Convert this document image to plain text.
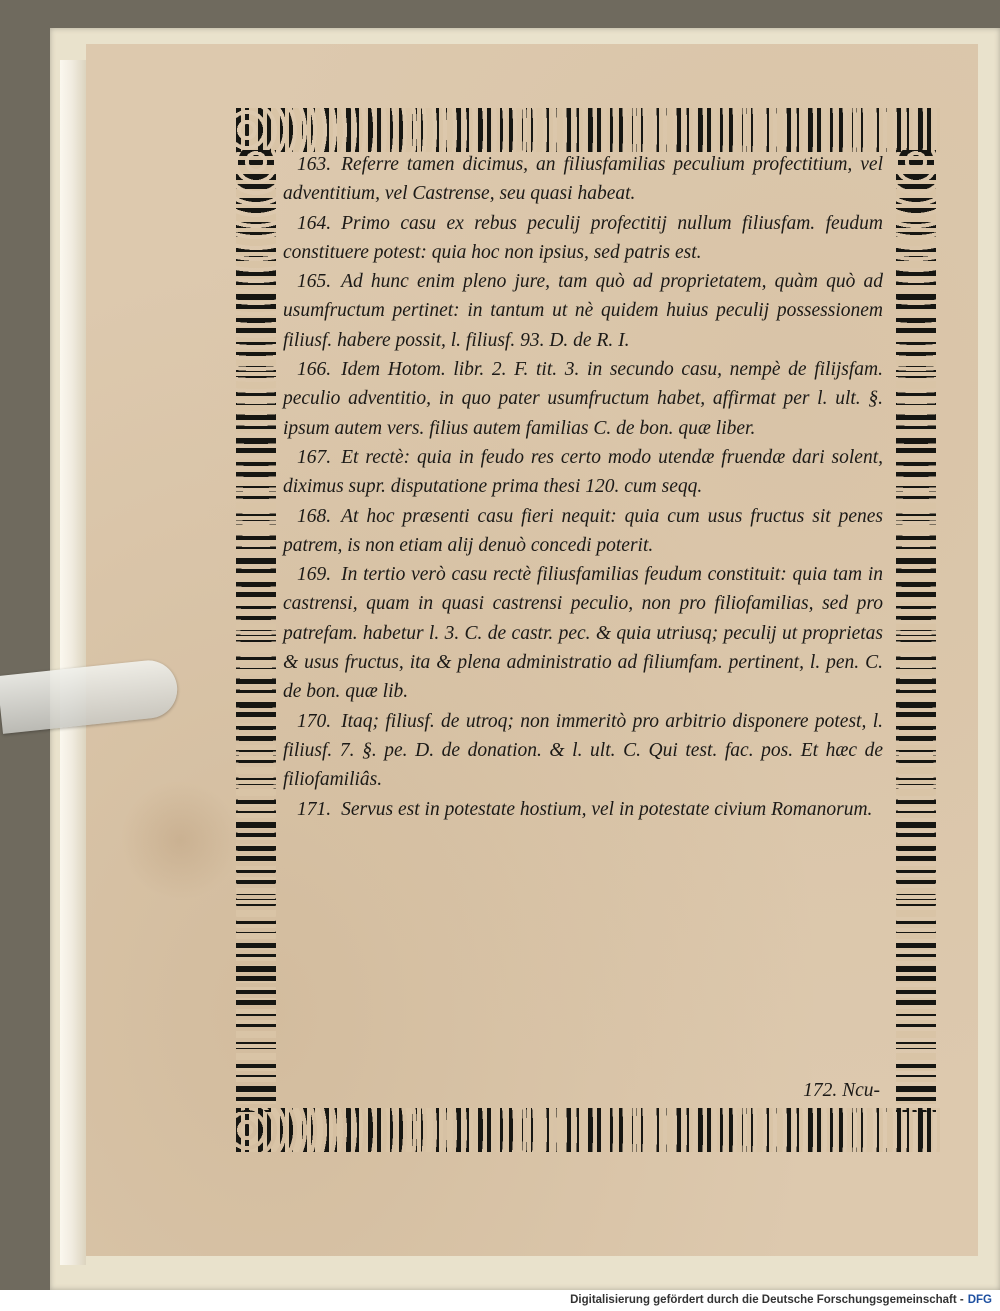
163. Referre tamen dicimus, an filiusfamilias peculium profectitium, vel adventitium, vel Castrense, seu quasi habeat.

164. Primo casu ex rebus peculij profectitij nullum filiusfam. feudum constituere potest: quia hoc non ipsius, sed patris est.

165. Ad hunc enim pleno jure, tam quò ad proprietatem, quàm quò ad usumfructum pertinet: in tantum ut nè quidem huius peculij possessionem filiusf. habere possit, l. filiusf. 93. D. de R. I.

166. Idem Hotom. libr. 2. F. tit. 3. in secundo casu, nempè de filijsfam. peculio adventitio, in quo pater usumfructum habet, affirmat per l. ult. §. ipsum autem vers. filius autem familias C. de bon. quæ liber.

167. Et rectè: quia in feudo res certo modo utendæ fruendæ dari solent, diximus supr. disputatione prima thesi 120. cum seqq.

168. At hoc præsenti casu fieri nequit: quia cum usus fructus sit penes patrem, is non etiam alij denuò concedi poterit.

169. In tertio verò casu rectè filiusfamilias feudum constituit: quia tam in castrensi, quam in quasi castrensi peculio, non pro filiofamilias, sed pro patrefam. habetur l. 3. C. de castr. pec. & quia utriusq; peculij ut proprietas & usus fructus, ita & plena administratio ad filiumfam. pertinent, l. pen. C. de bon. quæ lib.

170. Itaq; filiusf. de utroq; non immeritò pro arbitrio disponere potest, l. filiusf. 7. §. pe. D. de donation. & l. ult. C. Qui test. fac. pos. Et hæc de filiofamiliâs.

171. Servus est in potestate hostium, vel in potestate civium Romanorum.

172. Ncu-
Digitalisierung gefördert durch die Deutsche Forschungsgemeinschaft - DFG
